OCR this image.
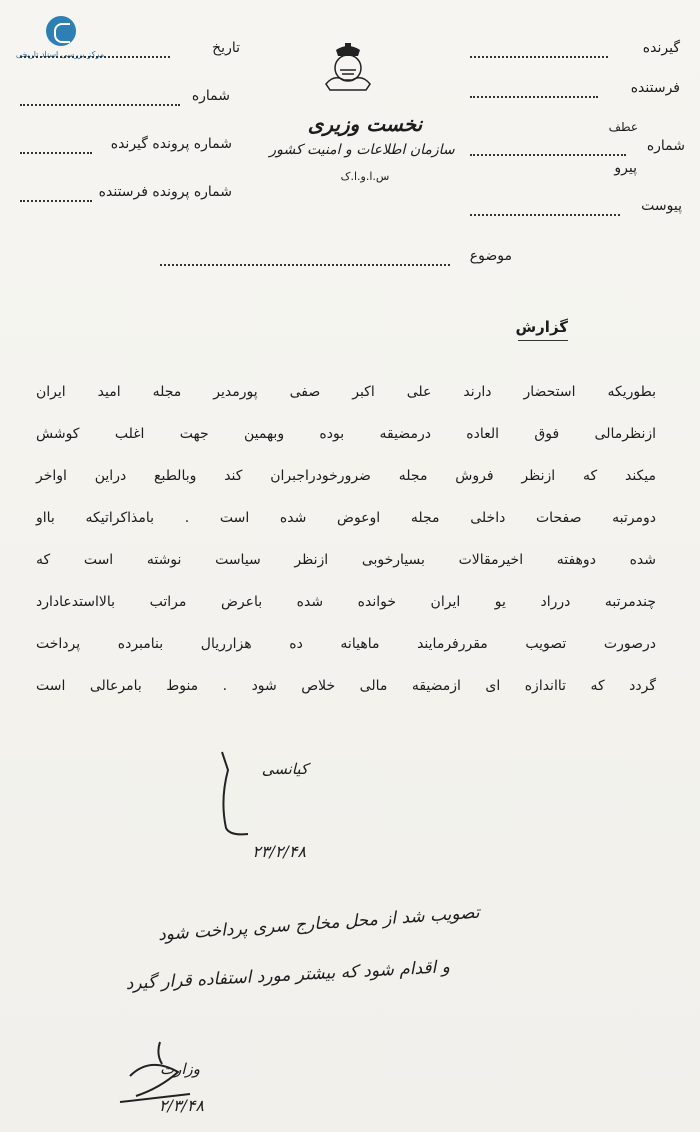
مرکز بررسی اسناد تاریخی	تاریخ
شماره
شماره پرونده گیرنده
شماره پرونده فرستنده
نخست وزیری
سازمان اطلاعات و امنیت کشور
س.ا.و.ا.ک
گیرنده
فرستنده
عطف
شماره
پیرو
پیوست
موضوع
گزارش
بطوریکه استحضار دارند علی اکبر صفی پورمدیر مجله امید ایران
ازنظرمالی فوق العاده درمضیقه بوده وبهمین جهت اغلب کوشش
میکند که ازنظر فروش مجله ضرورخودراجبران کند وبالطبع دراین اواخر
دومرتبه صفحات داخلی مجله اوعوض شده است . بامذاکراتیکه بااو
شده دوهفته اخیرمقالات بسیارخوبی ازنظر سیاست نوشته است که
چندمرتبه درراد یو ایران خوانده شده باعرض مراتب بالااستدعادارد
درصورت تصویب مقررفرمایند ماهیانه ده هزارریال بنامبرده پرداخت
گردد که تااندازه ای ازمضیقه مالی خلاص شود . منوط بامرعالی است
کیانسی
۲۳/۲/۴۸
تصویب شد از محل مخارج سری پرداخت شود
و اقدام شود که بیشتر مورد استفاده قرار گیرد
وزارت
۲/۳/۴۸
